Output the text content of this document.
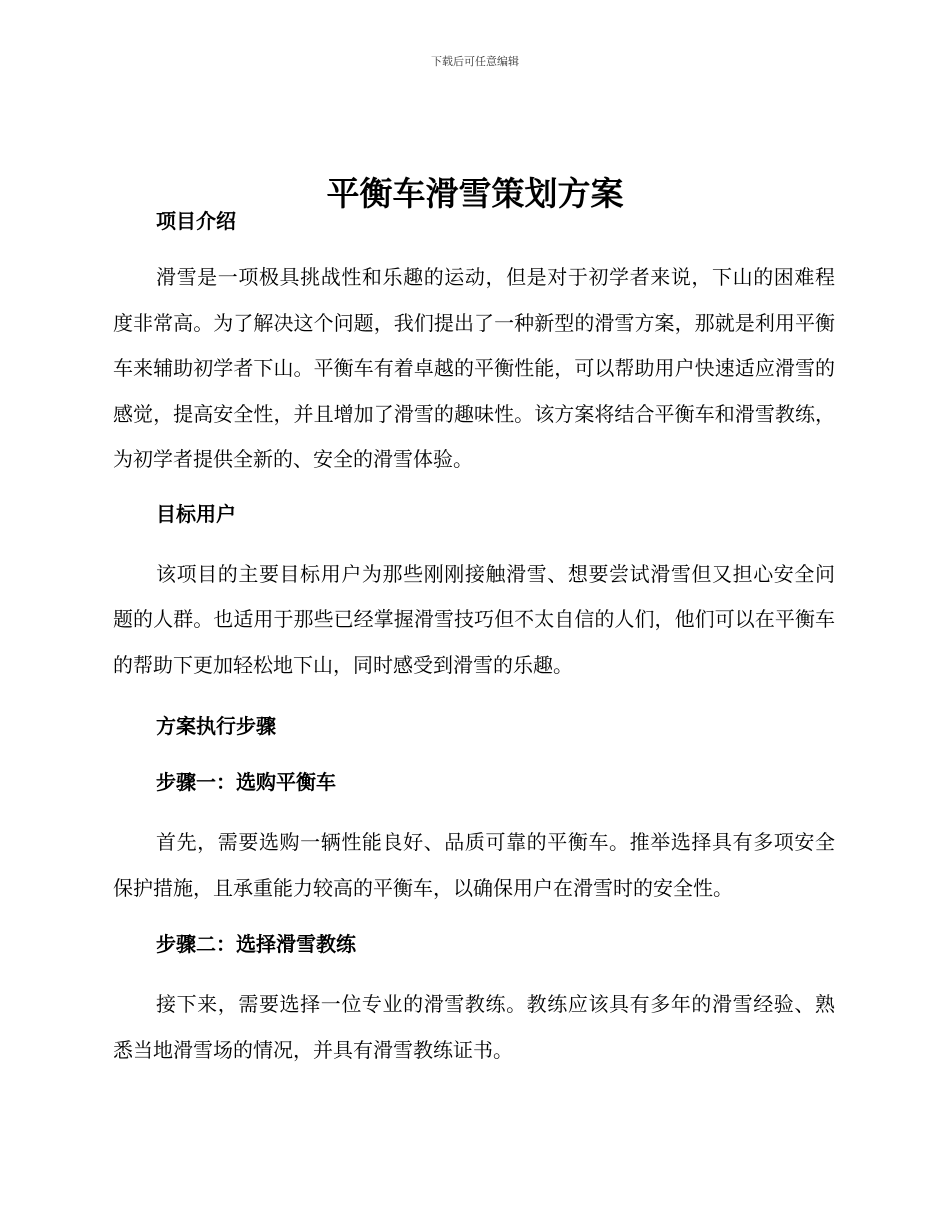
下载后可任意编辑
平衡车滑雪策划方案

项目介绍

滑雪是一项极具挑战性和乐趣的运动，但是对于初学者来说，下山的困难程度非常高。为了解决这个问题，我们提出了一种新型的滑雪方案，那就是利用平衡车来辅助初学者下山。平衡车有着卓越的平衡性能，可以帮助用户快速适应滑雪的感觉，提高安全性，并且增加了滑雪的趣味性。该方案将结合平衡车和滑雪教练，为初学者提供全新的、安全的滑雪体验。

目标用户

该项目的主要目标用户为那些刚刚接触滑雪、想要尝试滑雪但又担心安全问题的人群。也适用于那些已经掌握滑雪技巧但不太自信的人们，他们可以在平衡车的帮助下更加轻松地下山，同时感受到滑雪的乐趣。

方案执行步骤

步骤一：选购平衡车

首先，需要选购一辆性能良好、品质可靠的平衡车。推举选择具有多项安全保护措施，且承重能力较高的平衡车，以确保用户在滑雪时的安全性。

步骤二：选择滑雪教练

接下来，需要选择一位专业的滑雪教练。教练应该具有多年的滑雪经验、熟悉当地滑雪场的情况，并具有滑雪教练证书。
